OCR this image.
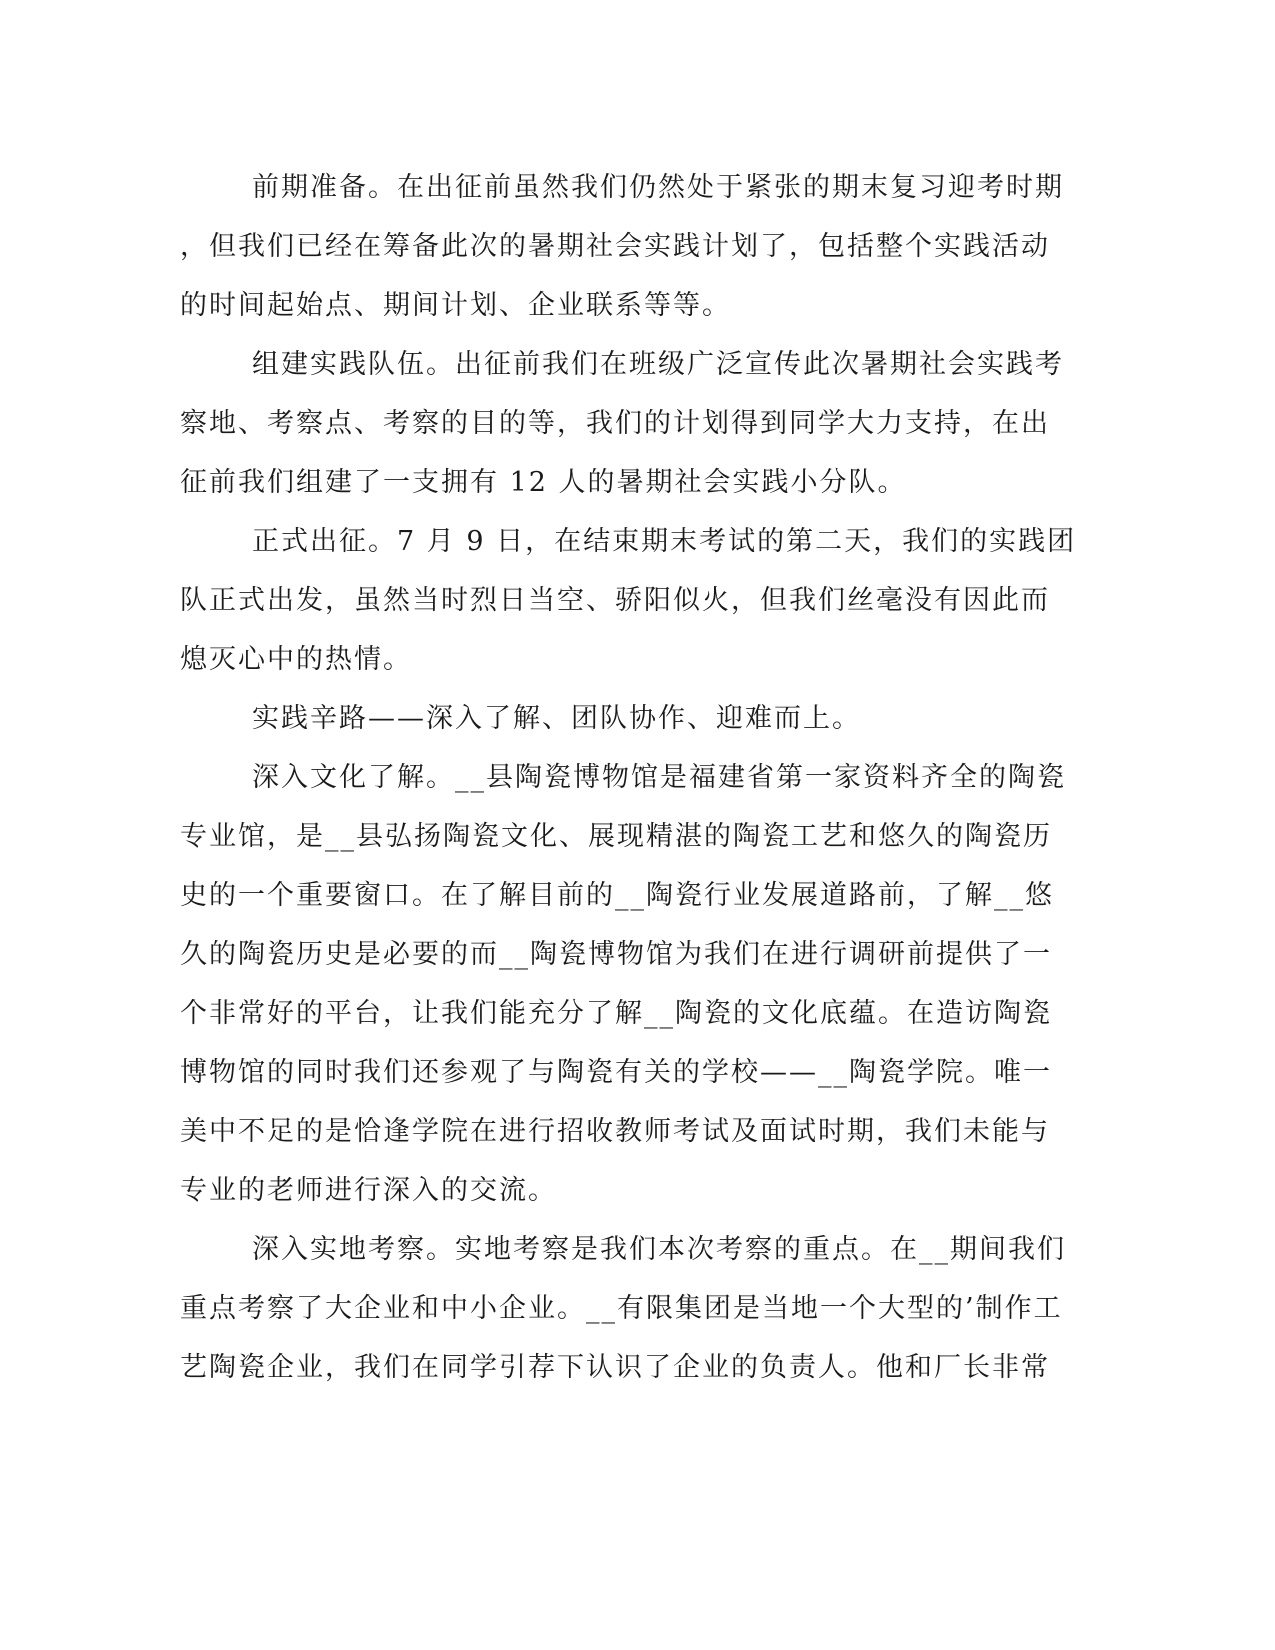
前期准备。在出征前虽然我们仍然处于紧张的期末复习迎考时期
，但我们已经在筹备此次的暑期社会实践计划了，包括整个实践活动
的时间起始点、期间计划、企业联系等等。
组建实践队伍。出征前我们在班级广泛宣传此次暑期社会实践考
察地、考察点、考察的目的等，我们的计划得到同学大力支持，在出
征前我们组建了一支拥有 12 人的暑期社会实践小分队。
正式出征。7 月 9 日，在结束期末考试的第二天，我们的实践团
队正式出发，虽然当时烈日当空、骄阳似火，但我们丝毫没有因此而
熄灭心中的热情。
实践辛路——深入了解、团队协作、迎难而上。
深入文化了解。__县陶瓷博物馆是福建省第一家资料齐全的陶瓷
专业馆，是__县弘扬陶瓷文化、展现精湛的陶瓷工艺和悠久的陶瓷历
史的一个重要窗口。在了解目前的__陶瓷行业发展道路前，了解__悠
久的陶瓷历史是必要的而__陶瓷博物馆为我们在进行调研前提供了一
个非常好的平台，让我们能充分了解__陶瓷的文化底蕴。在造访陶瓷
博物馆的同时我们还参观了与陶瓷有关的学校——__陶瓷学院。唯一
美中不足的是恰逢学院在进行招收教师考试及面试时期，我们未能与
专业的老师进行深入的交流。
深入实地考察。实地考察是我们本次考察的重点。在__期间我们
重点考察了大企业和中小企业。__有限集团是当地一个大型的’制作工
艺陶瓷企业，我们在同学引荐下认识了企业的负责人。他和厂长非常
